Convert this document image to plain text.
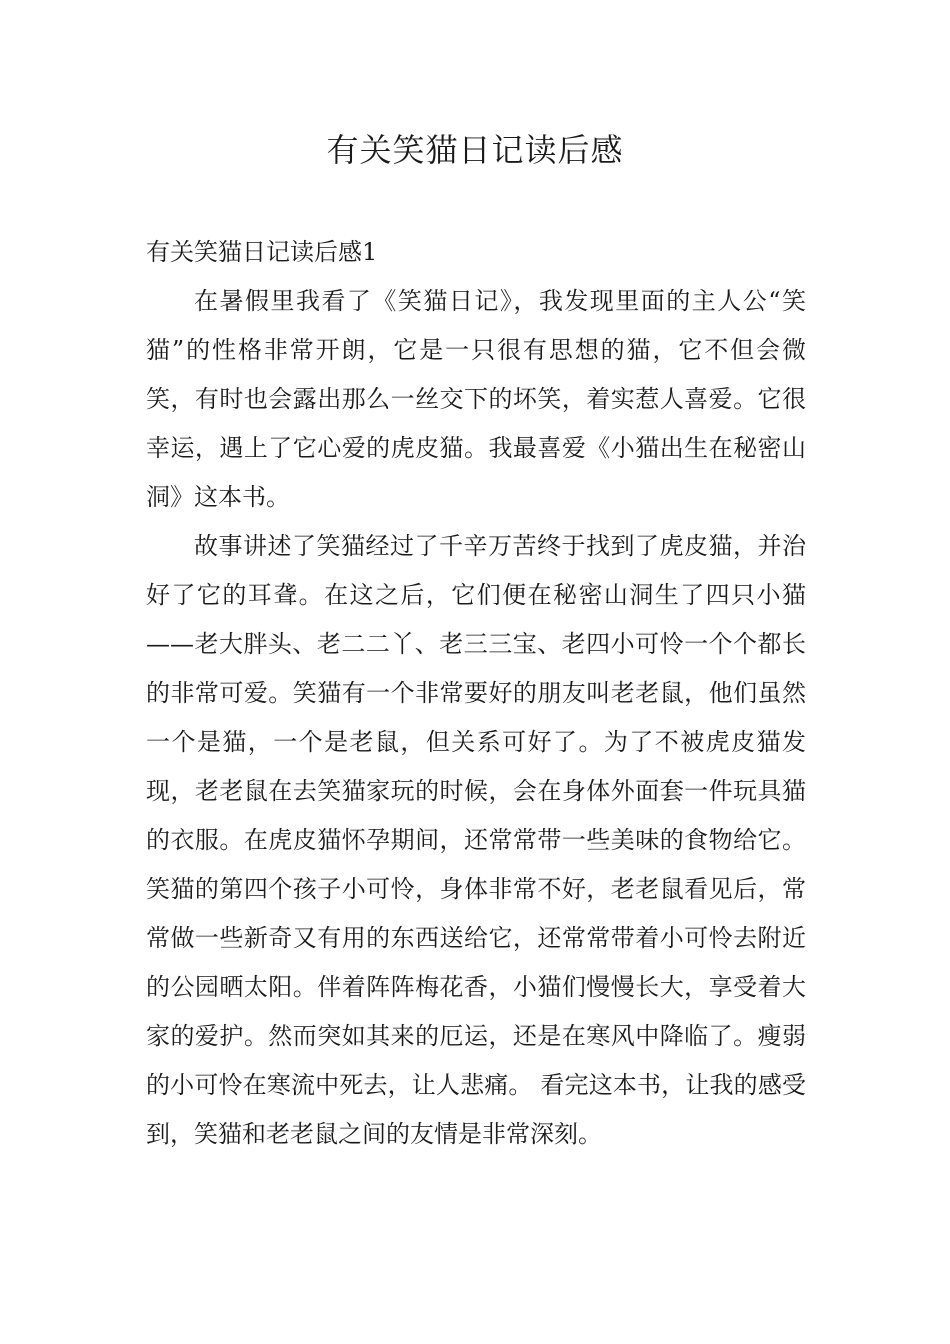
有关笑猫日记读后感

有关笑猫日记读后感1

在暑假里我看了《笑猫日记》，我发现里面的主人公“笑猫”的性格非常开朗，它是一只很有思想的猫，它不但会微笑，有时也会露出那么一丝交下的坏笑，着实惹人喜爱。它很幸运，遇上了它心爱的虎皮猫。我最喜爱《小猫出生在秘密山洞》这本书。

故事讲述了笑猫经过了千辛万苦终于找到了虎皮猫，并治好了它的耳聋。在这之后，它们便在秘密山洞生了四只小猫——老大胖头、老二二丫、老三三宝、老四小可怜一个个都长的非常可爱。笑猫有一个非常要好的朋友叫老老鼠，他们虽然一个是猫，一个是老鼠，但关系可好了。为了不被虎皮猫发现，老老鼠在去笑猫家玩的时候，会在身体外面套一件玩具猫的衣服。在虎皮猫怀孕期间，还常常带一些美味的食物给它。笑猫的第四个孩子小可怜，身体非常不好，老老鼠看见后，常常做一些新奇又有用的东西送给它，还常常带着小可怜去附近的公园晒太阳。伴着阵阵梅花香，小猫们慢慢长大，享受着大家的爱护。然而突如其来的厄运，还是在寒风中降临了。瘦弱的小可怜在寒流中死去，让人悲痛。 看完这本书，让我的感受到，笑猫和老老鼠之间的友情是非常深刻。
